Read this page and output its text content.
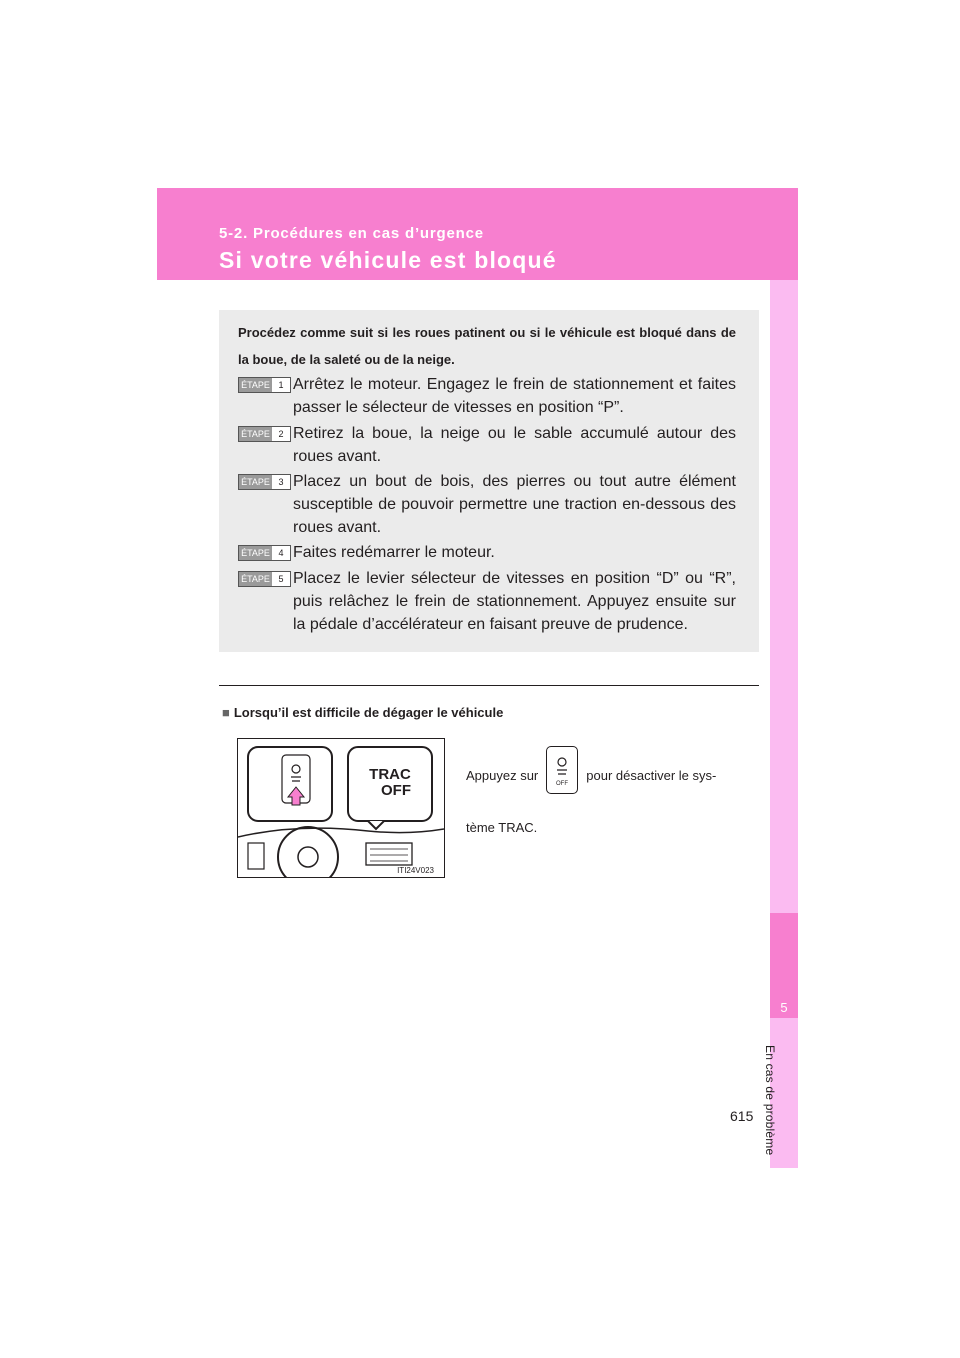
5-2. Procédures en cas d’urgence
Si votre véhicule est bloqué
5
En cas de problème
Procédez comme suit si les roues patinent ou si le véhicule est bloqué dans de la boue, de la saleté ou de la neige.
ÉTAPE 1 Arrêtez le moteur. Engagez le frein de stationnement et faites passer le sélecteur de vitesses en position “P”.
ÉTAPE 2 Retirez la boue, la neige ou le sable accumulé autour des roues avant.
ÉTAPE 3 Placez un bout de bois, des pierres ou tout autre élément susceptible de pouvoir permettre une traction en-dessous des roues avant.
ÉTAPE 4 Faites redémarrer le moteur.
ÉTAPE 5 Placez le levier sélecteur de vitesses en position “D” ou “R”, puis relâchez le frein de stationnement. Appuyez ensuite sur la pédale d’accélérateur en faisant preuve de prudence.
■ Lorsqu’il est difficile de dégager le véhicule
TRAC
OFF
ITI24V023
Appuyez sur
OFF
pour désactiver le sys-
tème TRAC.
615
